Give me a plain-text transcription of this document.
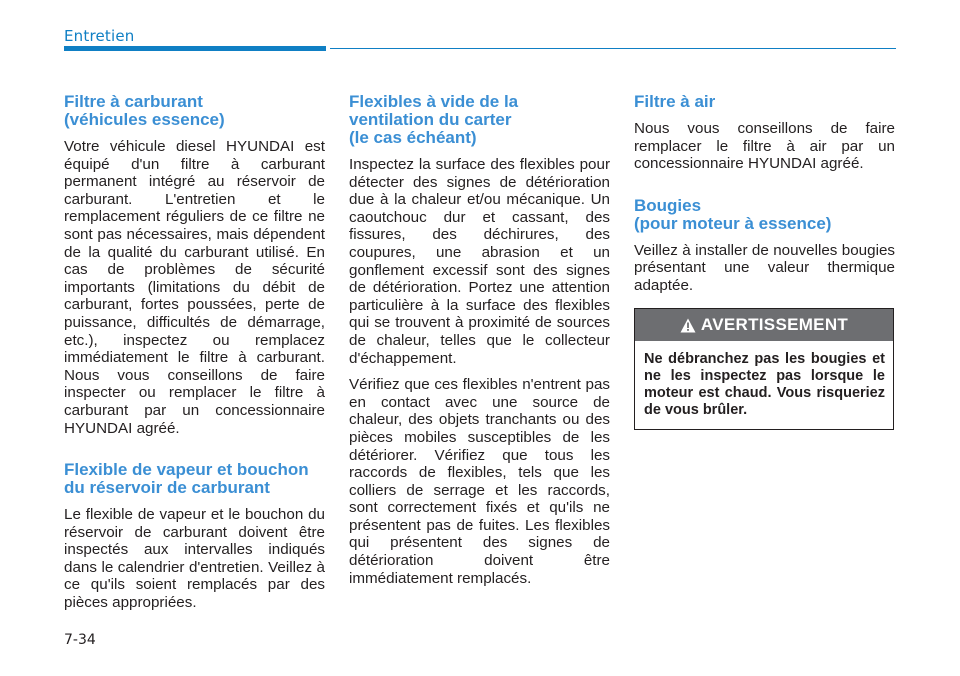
Entretien
Filtre à carburant
(véhicules essence)

Votre véhicule diesel HYUNDAI est équipé d'un filtre à carburant permanent intégré au réservoir de carburant. L'entretien et le remplacement réguliers de ce filtre ne sont pas nécessaires, mais dépendent de la qualité du carburant utilisé. En cas de problèmes de sécurité importants (limitations du débit de carburant, fortes poussées, perte de puissance, difficultés de démarrage, etc.), inspectez ou remplacez immédiatement le filtre à carburant. Nous vous conseillons de faire inspecter ou remplacer le filtre à carburant par un concessionnaire HYUNDAI agréé.

Flexible de vapeur et bouchon du réservoir de carburant

Le flexible de vapeur et le bouchon du réservoir de carburant doivent être inspectés aux intervalles indiqués dans le calendrier d'entretien. Veillez à ce qu'ils soient remplacés par des pièces appropriées.

Flexibles à vide de la
ventilation du carter
(le cas échéant)

Inspectez la surface des flexibles pour détecter des signes de détérioration due à la chaleur et/ou mécanique. Un caoutchouc dur et cassant, des fissures, des déchirures, des coupures, une abrasion et un gonflement excessif sont des signes de détérioration. Portez une attention particulière à la surface des flexibles qui se trouvent à proximité de sources de chaleur, telles que le collecteur d'échappement.

Vérifiez que ces flexibles n'entrent pas en contact avec une source de chaleur, des objets tranchants ou des pièces mobiles susceptibles de les détériorer. Vérifiez que tous les raccords de flexibles, tels que les colliers de serrage et les raccords, sont correctement fixés et qu'ils ne présentent pas de fuites. Les flexibles qui présentent des signes de détérioration doivent être immédiatement remplacés.

Filtre à air

Nous vous conseillons de faire remplacer le filtre à air par un concessionnaire HYUNDAI agréé.

Bougies
(pour moteur à essence)

Veillez à installer de nouvelles bougies présentant une valeur thermique adaptée.

AVERTISSEMENT
Ne débranchez pas les bougies et ne les inspectez pas lorsque le moteur est chaud. Vous risqueriez de vous brûler.
7-34
